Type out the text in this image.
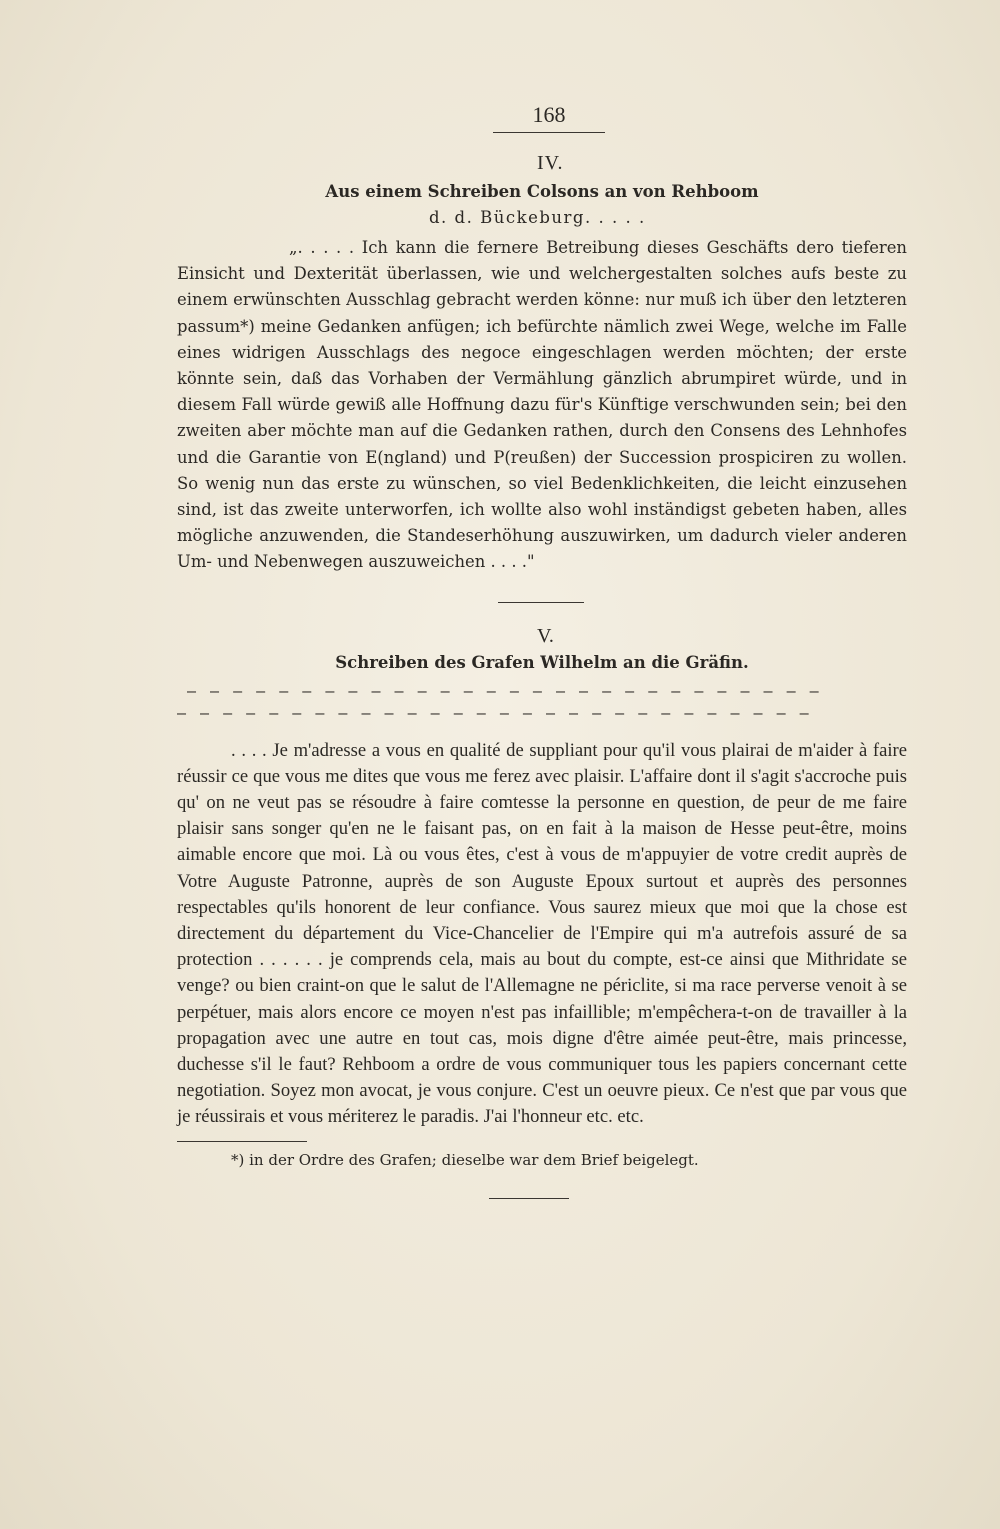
168
IV.
Aus einem Schreiben Colsons an von Rehboom
d. d. Bückeburg. . . . .

„. . . . . Ich kann die fernere Betreibung dieses Geschäfts dero tieferen Einsicht und Dexterität überlassen, wie und welchergestalten solches aufs beste zu einem erwünschten Ausschlag gebracht werden könne: nur muß ich über den letzteren passum*) meine Gedanken anfügen; ich befürchte nämlich zwei Wege, welche im Falle eines widrigen Ausschlags des negoce eingeschlagen werden möchten; der erste könnte sein, daß das Vorhaben der Vermählung gänzlich abrumpiret würde, und in diesem Fall würde gewiß alle Hoffnung dazu für's Künftige verschwunden sein; bei den zweiten aber möchte man auf die Gedanken rathen, durch den Consens des Lehnhofes und die Garantie von E(ngland) und P(reußen) der Succession prospiciren zu wollen. So wenig nun das erste zu wünschen, so viel Bedenklichkeiten, die leicht einzusehen sind, ist das zweite unterworfen, ich wollte also wohl inständigst gebeten haben, alles mögliche anzuwenden, die Standeserhöhung auszuwirken, um dadurch vieler anderen Um- und Nebenwegen auszuweichen . . . ."

V.
Schreiben des Grafen Wilhelm an die Gräfin.
— — — — — — — — — — — — — — — — — — — — — — — — — — — —
— — — — — — — — — — — — — — — — — — — — — — — — — — — —

. . . . Je m'adresse a vous en qualité de suppliant pour qu'il vous plairai de m'aider à faire réussir ce que vous me dites que vous me ferez avec plaisir. L'affaire dont il s'agit s'accroche puis qu' on ne veut pas se résoudre à faire comtesse la personne en question, de peur de me faire plaisir sans songer qu'en ne le faisant pas, on en fait à la maison de Hesse peut-être, moins aimable encore que moi. Là ou vous êtes, c'est à vous de m'appuyier de votre credit auprès de Votre Auguste Patronne, auprès de son Auguste Epoux surtout et auprès des personnes respectables qu'ils honorent de leur confiance. Vous saurez mieux que moi que la chose est directement du département du Vice-Chancelier de l'Empire qui m'a autrefois assuré de sa protection . . . . . . je comprends cela, mais au bout du compte, est-ce ainsi que Mithridate se venge? ou bien craint-on que le salut de l'Allemagne ne périclite, si ma race perverse venoit à se perpétuer, mais alors encore ce moyen n'est pas infaillible; m'empêchera-t-on de travailler à la propagation avec une autre en tout cas, mois digne d'être aimée peut-être, mais princesse, duchesse s'il le faut? Rehboom a ordre de vous communiquer tous les papiers concernant cette negotiation. Soyez mon avocat, je vous conjure. C'est un oeuvre pieux. Ce n'est que par vous que je réussirais et vous mériterez le paradis. J'ai l'honneur etc. etc.

*) in der Ordre des Grafen; dieselbe war dem Brief beigelegt.
